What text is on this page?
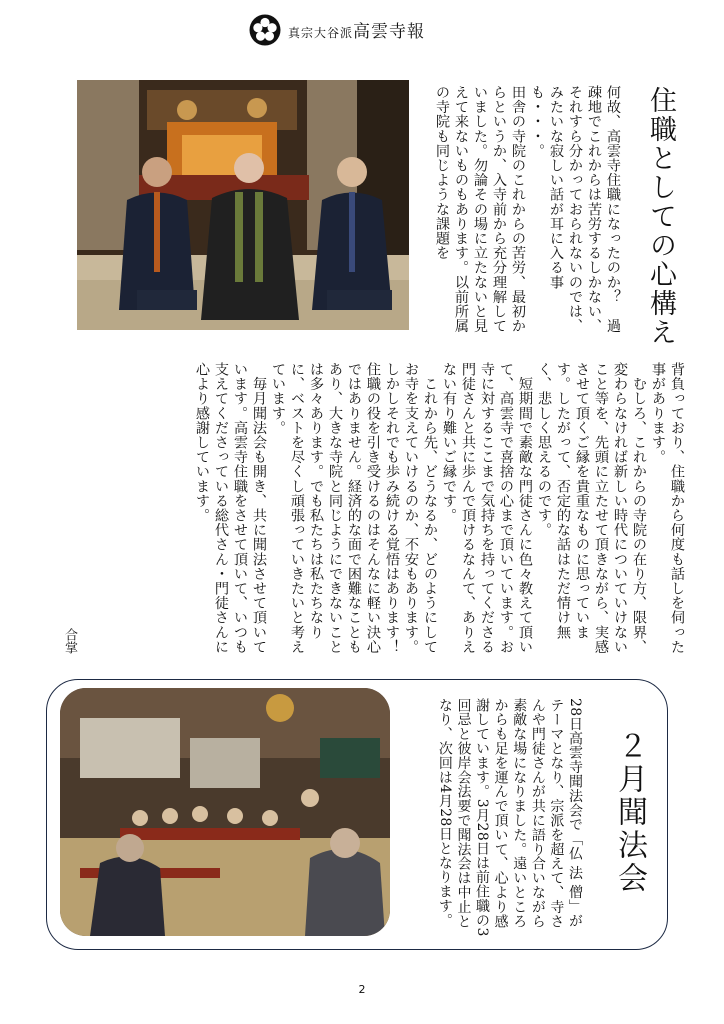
真宗大谷派高雲寺報
住職としての心構え
何故、高雲寺住職になったのか？　過疎地でこれからは苦労するしかない、それすら分かっておられないのでは、みたいな寂しい話が耳に入る事も・・・。
田舎の寺院のこれからの苦労、最初からというか、入寺前から充分理解していました。勿論その場に立たないと見えて来ないものもあります。以前所属の寺院も同じような課題を
背負っており、住職から何度も話しを伺った事があります。
　むしろ、これからの寺院の在り方、限界、変わらなければ新しい時代についていけないこと等を、先頭に立たせて頂きながら、実感させて頂くご縁を貴重なものに思っています。したがって、否定的な話はただ情け無く、悲しく思えるのです。
　短期間で素敵な門徒さんに色々教えて頂いて、高雲寺で喜捨の心まで頂いています。お寺に対するここまで気持ちを持ってくださる門徒さんと共に歩んで頂けるなんて、ありえない有り難いご縁です。
　これから先、どうなるか、どのようにしてお寺を支えていけるのか、不安もあります。しかしそれでも歩み続ける覚悟はあります！
住職の役を引き受けるのはそんなに軽い決心ではありません。経済的な面で困難なこともあり、大きな寺院と同じようにできないことは多々あります。でも私たちは私たちなりに、ベストを尽くし頑張っていきたいと考えています。
　毎月聞法会も開き、共に聞法させて頂いています。高雲寺住職をさせて頂いて、いつも支えてくださっている総代さん・門徒さんに心より感謝しています。
合掌
２月聞法会
28日高雲寺聞法会で「仏 法 僧」がテーマとなり、宗派を超えて、寺さんや門徒さんが共に語り合いながら素敵な場になりました。遠いところからも足を運んで頂いて、心より感謝しています。3月28日は前住職の3回忌と彼岸会法要で聞法会は中止となり、次回は4月28日となります。
2
